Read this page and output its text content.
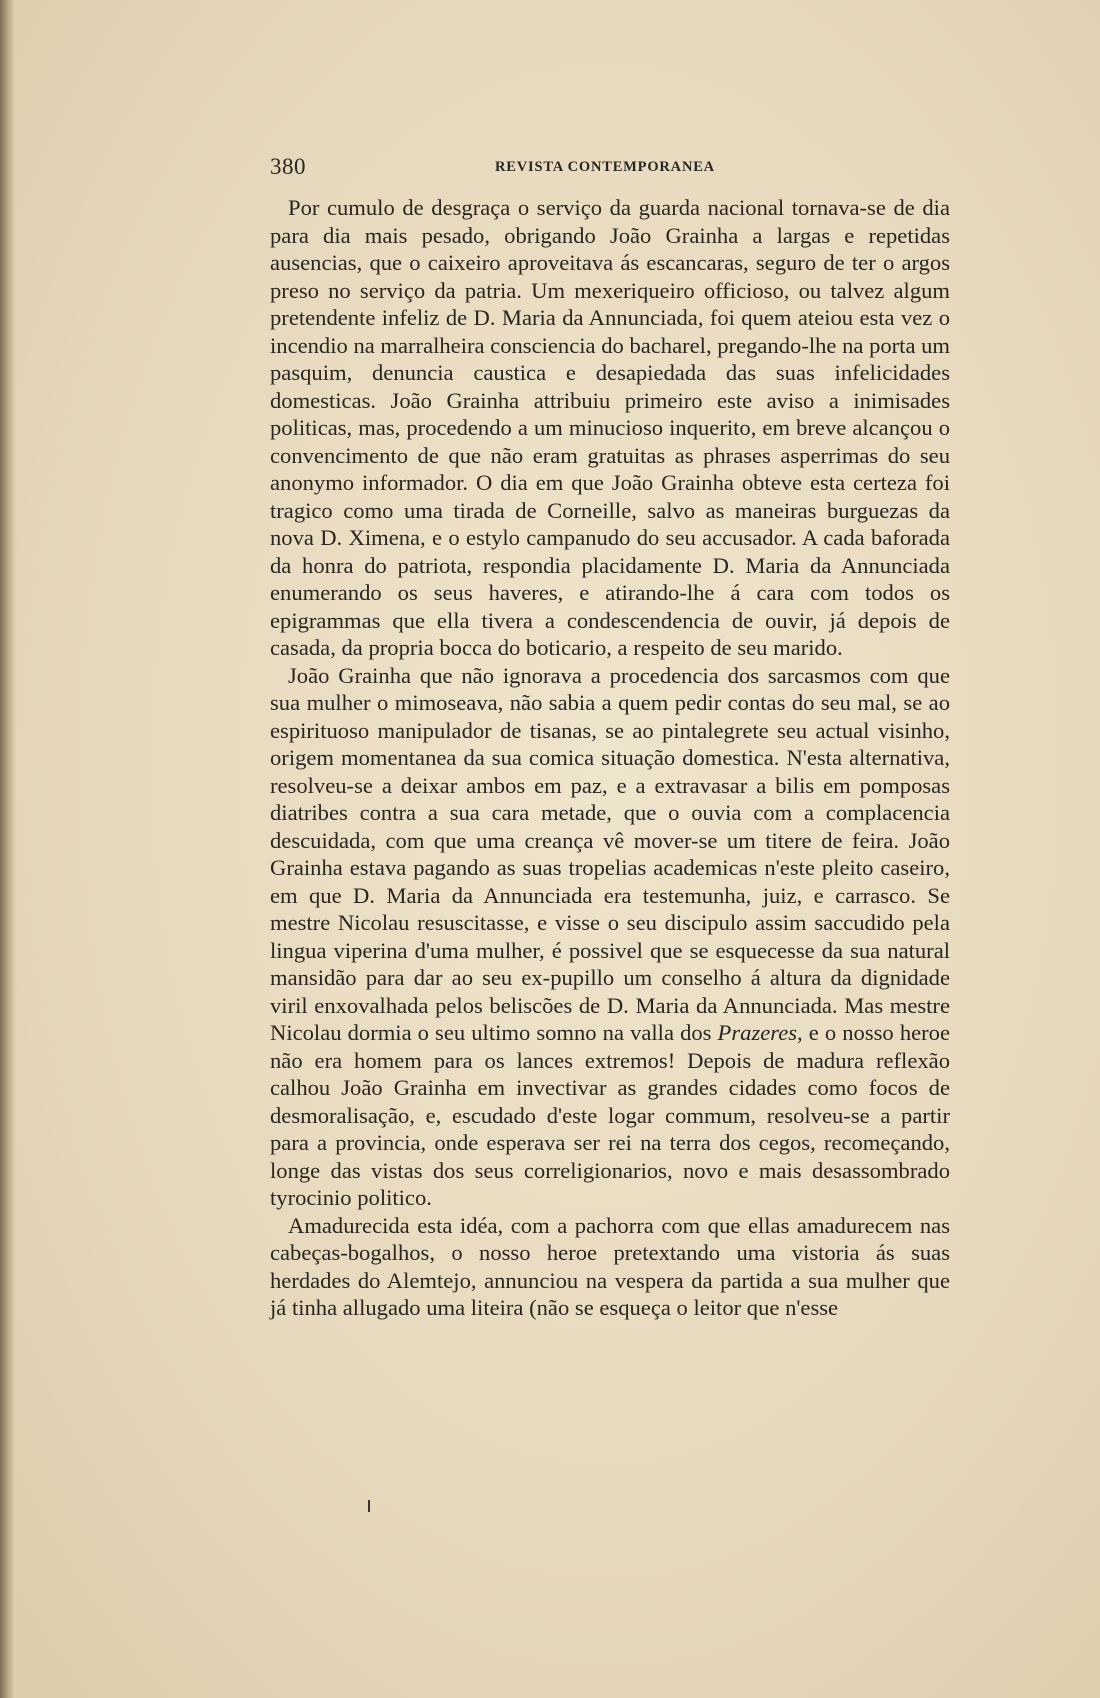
380	REVISTA CONTEMPORANEA

Por cumulo de desgraça o serviço da guarda nacional tornava-se de dia para dia mais pesado, obrigando João Grainha a largas e repetidas ausencias, que o caixeiro aproveitava ás escancaras, seguro de ter o argos preso no serviço da patria. Um mexeriqueiro officioso, ou talvez algum pretendente infeliz de D. Maria da Annunciada, foi quem ateiou esta vez o incendio na marralheira consciencia do bacharel, pregando-lhe na porta um pasquim, denuncia caustica e desapiedada das suas infelicidades domesticas. João Grainha attribuiu primeiro este aviso a inimisades politicas, mas, procedendo a um minucioso inquerito, em breve alcançou o convencimento de que não eram gratuitas as phrases asperrimas do seu anonymo informador. O dia em que João Grainha obteve esta certeza foi tragico como uma tirada de Corneille, salvo as maneiras burguezas da nova D. Ximena, e o estylo campanudo do seu accusador. A cada baforada da honra do patriota, respondia placidamente D. Maria da Annunciada enumerando os seus haveres, e atirando-lhe á cara com todos os epigrammas que ella tivera a condescendencia de ouvir, já depois de casada, da propria bocca do boticario, a respeito de seu marido.

João Grainha que não ignorava a procedencia dos sarcasmos com que sua mulher o mimoseava, não sabia a quem pedir contas do seu mal, se ao espirituoso manipulador de tisanas, se ao pintalegrete seu actual visinho, origem momentanea da sua comica situação domestica. N'esta alternativa, resolveu-se a deixar ambos em paz, e a extravasar a bilis em pomposas diatribes contra a sua cara metade, que o ouvia com a complacencia descuidada, com que uma creança vê mover-se um titere de feira. João Grainha estava pagando as suas tropelias academicas n'este pleito caseiro, em que D. Maria da Annunciada era testemunha, juiz, e carrasco. Se mestre Nicolau resuscitasse, e visse o seu discipulo assim saccudido pela lingua viperina d'uma mulher, é possivel que se esquecesse da sua natural mansidão para dar ao seu ex-pupillo um conselho á altura da dignidade viril enxovalhada pelos beliscões de D. Maria da Annunciada. Mas mestre Nicolau dormia o seu ultimo somno na valla dos Prazeres, e o nosso heroe não era homem para os lances extremos! Depois de madura reflexão calhou João Grainha em invectivar as grandes cidades como focos de desmoralisação, e, escudado d'este logar commum, resolveu-se a partir para a provincia, onde esperava ser rei na terra dos cegos, recomeçando, longe das vistas dos seus correligionarios, novo e mais desassombrado tyrocinio politico.

Amadurecida esta idéa, com a pachorra com que ellas amadurecem nas cabeças-bogalhos, o nosso heroe pretextando uma vistoria ás suas herdades do Alemtejo, annunciou na vespera da partida a sua mulher que já tinha allugado uma liteira (não se esqueça o leitor que n'esse
